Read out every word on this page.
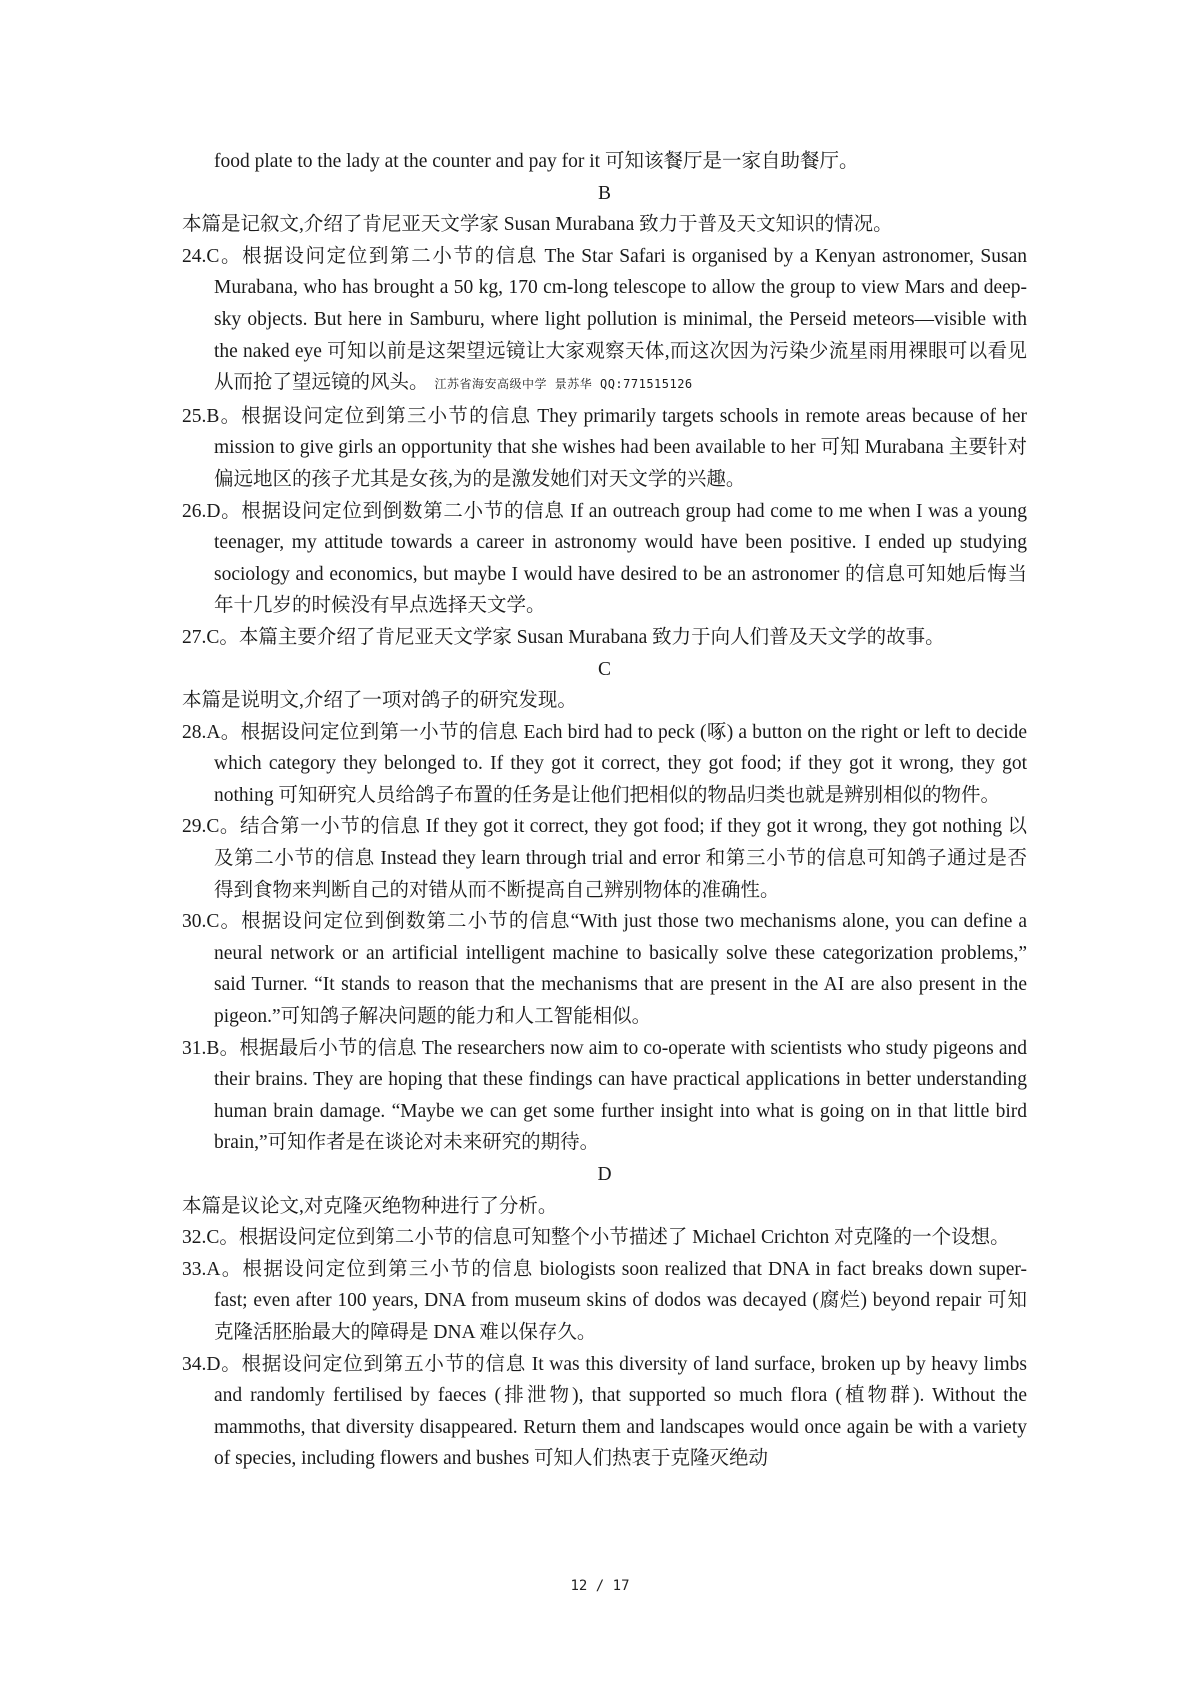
food plate to the lady at the counter and pay for it 可知该餐厅是一家自助餐厅。

B

本篇是记叙文,介绍了肯尼亚天文学家 Susan Murabana 致力于普及天文知识的情况。

24.C。根据设问定位到第二小节的信息 The Star Safari is organised by a Kenyan astronomer, Susan Murabana, who has brought a 50 kg, 170 cm-long telescope to allow the group to view Mars and deep-sky objects. But here in Samburu, where light pollution is minimal, the Perseid meteors—visible with the naked eye 可知以前是这架望远镜让大家观察天体,而这次因为污染少流星雨用裸眼可以看见从而抢了望远镜的风头。 江苏省海安高级中学 景苏华 QQ:771515126

25.B。根据设问定位到第三小节的信息 They primarily targets schools in remote areas because of her mission to give girls an opportunity that she wishes had been available to her 可知 Murabana 主要针对偏远地区的孩子尤其是女孩,为的是激发她们对天文学的兴趣。

26.D。根据设问定位到倒数第二小节的信息 If an outreach group had come to me when I was a young teenager, my attitude towards a career in astronomy would have been positive. I ended up studying sociology and economics, but maybe I would have desired to be an astronomer 的信息可知她后悔当年十几岁的时候没有早点选择天文学。

27.C。本篇主要介绍了肯尼亚天文学家 Susan Murabana 致力于向人们普及天文学的故事。

C

本篇是说明文,介绍了一项对鸽子的研究发现。

28.A。根据设问定位到第一小节的信息 Each bird had to peck (啄) a button on the right or left to decide which category they belonged to. If they got it correct, they got food; if they got it wrong, they got nothing 可知研究人员给鸽子布置的任务是让他们把相似的物品归类也就是辨别相似的物件。

29.C。结合第一小节的信息 If they got it correct, they got food; if they got it wrong, they got nothing 以及第二小节的信息 Instead they learn through trial and error 和第三小节的信息可知鸽子通过是否得到食物来判断自己的对错从而不断提高自己辨别物体的准确性。

30.C。根据设问定位到倒数第二小节的信息“With just those two mechanisms alone, you can define a neural network or an artificial intelligent machine to basically solve these categorization problems,” said Turner. “It stands to reason that the mechanisms that are present in the AI are also present in the pigeon.”可知鸽子解决问题的能力和人工智能相似。

31.B。根据最后小节的信息 The researchers now aim to co-operate with scientists who study pigeons and their brains. They are hoping that these findings can have practical applications in better understanding human brain damage. “Maybe we can get some further insight into what is going on in that little bird brain,”可知作者是在谈论对未来研究的期待。

D

本篇是议论文,对克隆灭绝物种进行了分析。

32.C。根据设问定位到第二小节的信息可知整个小节描述了 Michael Crichton 对克隆的一个设想。

33.A。根据设问定位到第三小节的信息 biologists soon realized that DNA in fact breaks down super-fast; even after 100 years, DNA from museum skins of dodos was decayed (腐烂) beyond repair 可知克隆活胚胎最大的障碍是 DNA 难以保存久。

34.D。根据设问定位到第五小节的信息 It was this diversity of land surface, broken up by heavy limbs and randomly fertilised by faeces (排泄物), that supported so much flora (植物群). Without the mammoths, that diversity disappeared. Return them and landscapes would once again be with a variety of species, including flowers and bushes 可知人们热衷于克隆灭绝动

12 / 17
